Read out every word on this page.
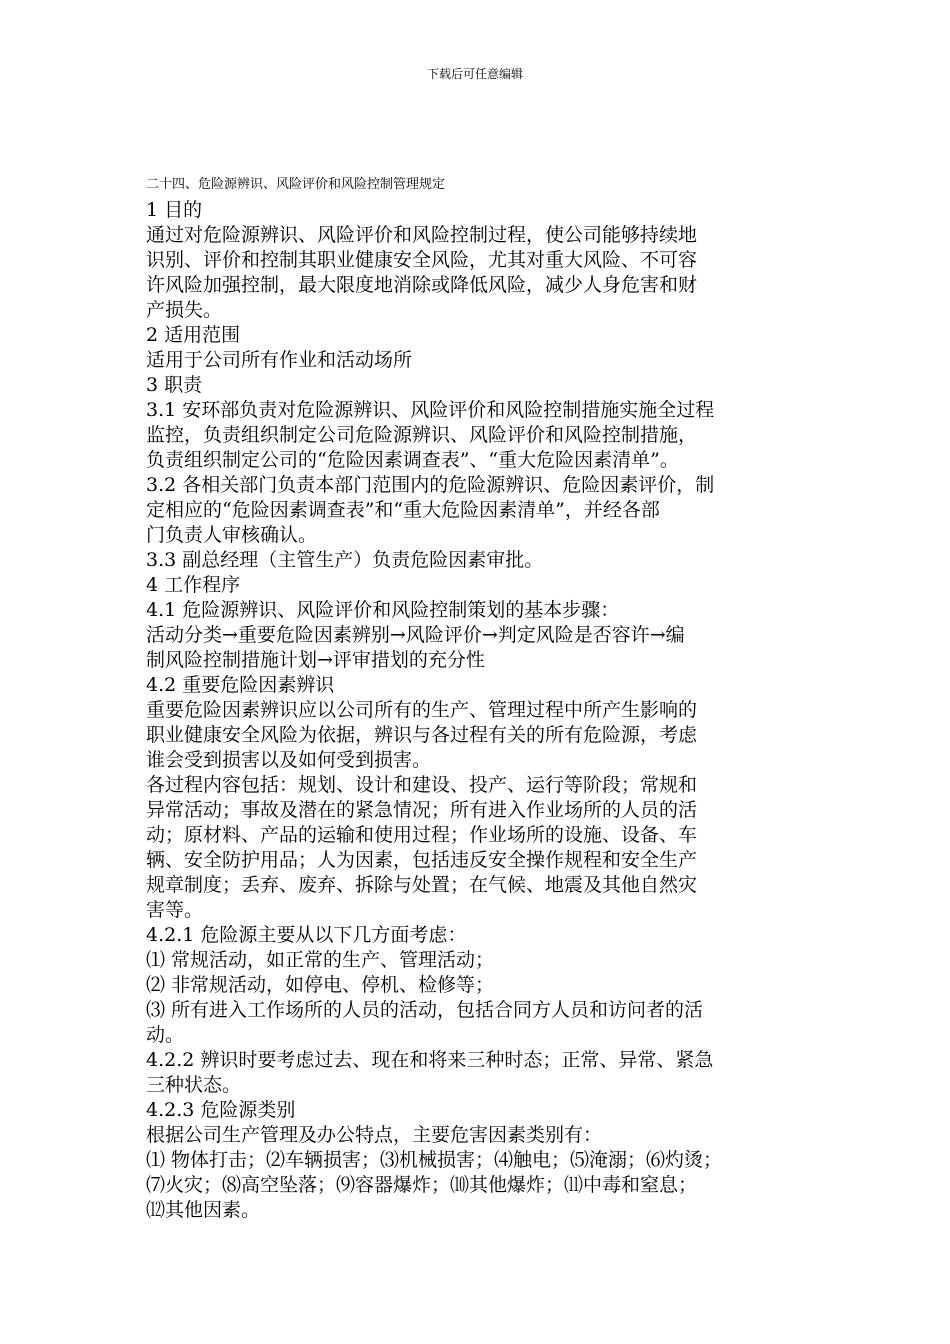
下载后可任意编辑
二十四、危险源辨识、风险评价和风险控制管理规定

1 目的

通过对危险源辨识、风险评价和风险控制过程，使公司能够持续地

识别、评价和控制其职业健康安全风险，尤其对重大风险、不可容

许风险加强控制，最大限度地消除或降低风险，减少人身危害和财

产损失。

2 适用范围

适用于公司所有作业和活动场所

3 职责

3.1 安环部负责对危险源辨识、风险评价和风险控制措施实施全过程

监控，负责组织制定公司危险源辨识、风险评价和风险控制措施，

负责组织制定公司的“危险因素调查表”、“重大危险因素清单”。

3.2 各相关部门负责本部门范围内的危险源辨识、危险因素评价，制

定相应的“危险因素调查表”和“重大危险因素清单”，并经各部

门负责人审核确认。

3.3 副总经理（主管生产）负责危险因素审批。

4 工作程序

4.1 危险源辨识、风险评价和风险控制策划的基本步骤：

活动分类→重要危险因素辨别→风险评价→判定风险是否容许→编

制风险控制措施计划→评审措划的充分性

4.2 重要危险因素辨识

重要危险因素辨识应以公司所有的生产、管理过程中所产生影响的

职业健康安全风险为依据，辨识与各过程有关的所有危险源，考虑

谁会受到损害以及如何受到损害。

各过程内容包括：规划、设计和建设、投产、运行等阶段；常规和

异常活动；事故及潜在的紧急情况；所有进入作业场所的人员的活

动；原材料、产品的运输和使用过程；作业场所的设施、设备、车

辆、安全防护用品；人为因素，包括违反安全操作规程和安全生产

规章制度；丢弃、废弃、拆除与处置；在气候、地震及其他自然灾

害等。

4.2.1 危险源主要从以下几方面考虑：

⑴ 常规活动，如正常的生产、管理活动；

⑵ 非常规活动，如停电、停机、检修等；

⑶ 所有进入工作场所的人员的活动，包括合同方人员和访问者的活

动。

4.2.2 辨识时要考虑过去、现在和将来三种时态；正常、异常、紧急

三种状态。

4.2.3 危险源类别

根据公司生产管理及办公特点，主要危害因素类别有：

⑴ 物体打击；⑵车辆损害；⑶机械损害；⑷触电；⑸淹溺；⑹灼烫；

⑺火灾；⑻高空坠落；⑼容器爆炸；⑽其他爆炸；⑾中毒和窒息；

⑿其他因素。
